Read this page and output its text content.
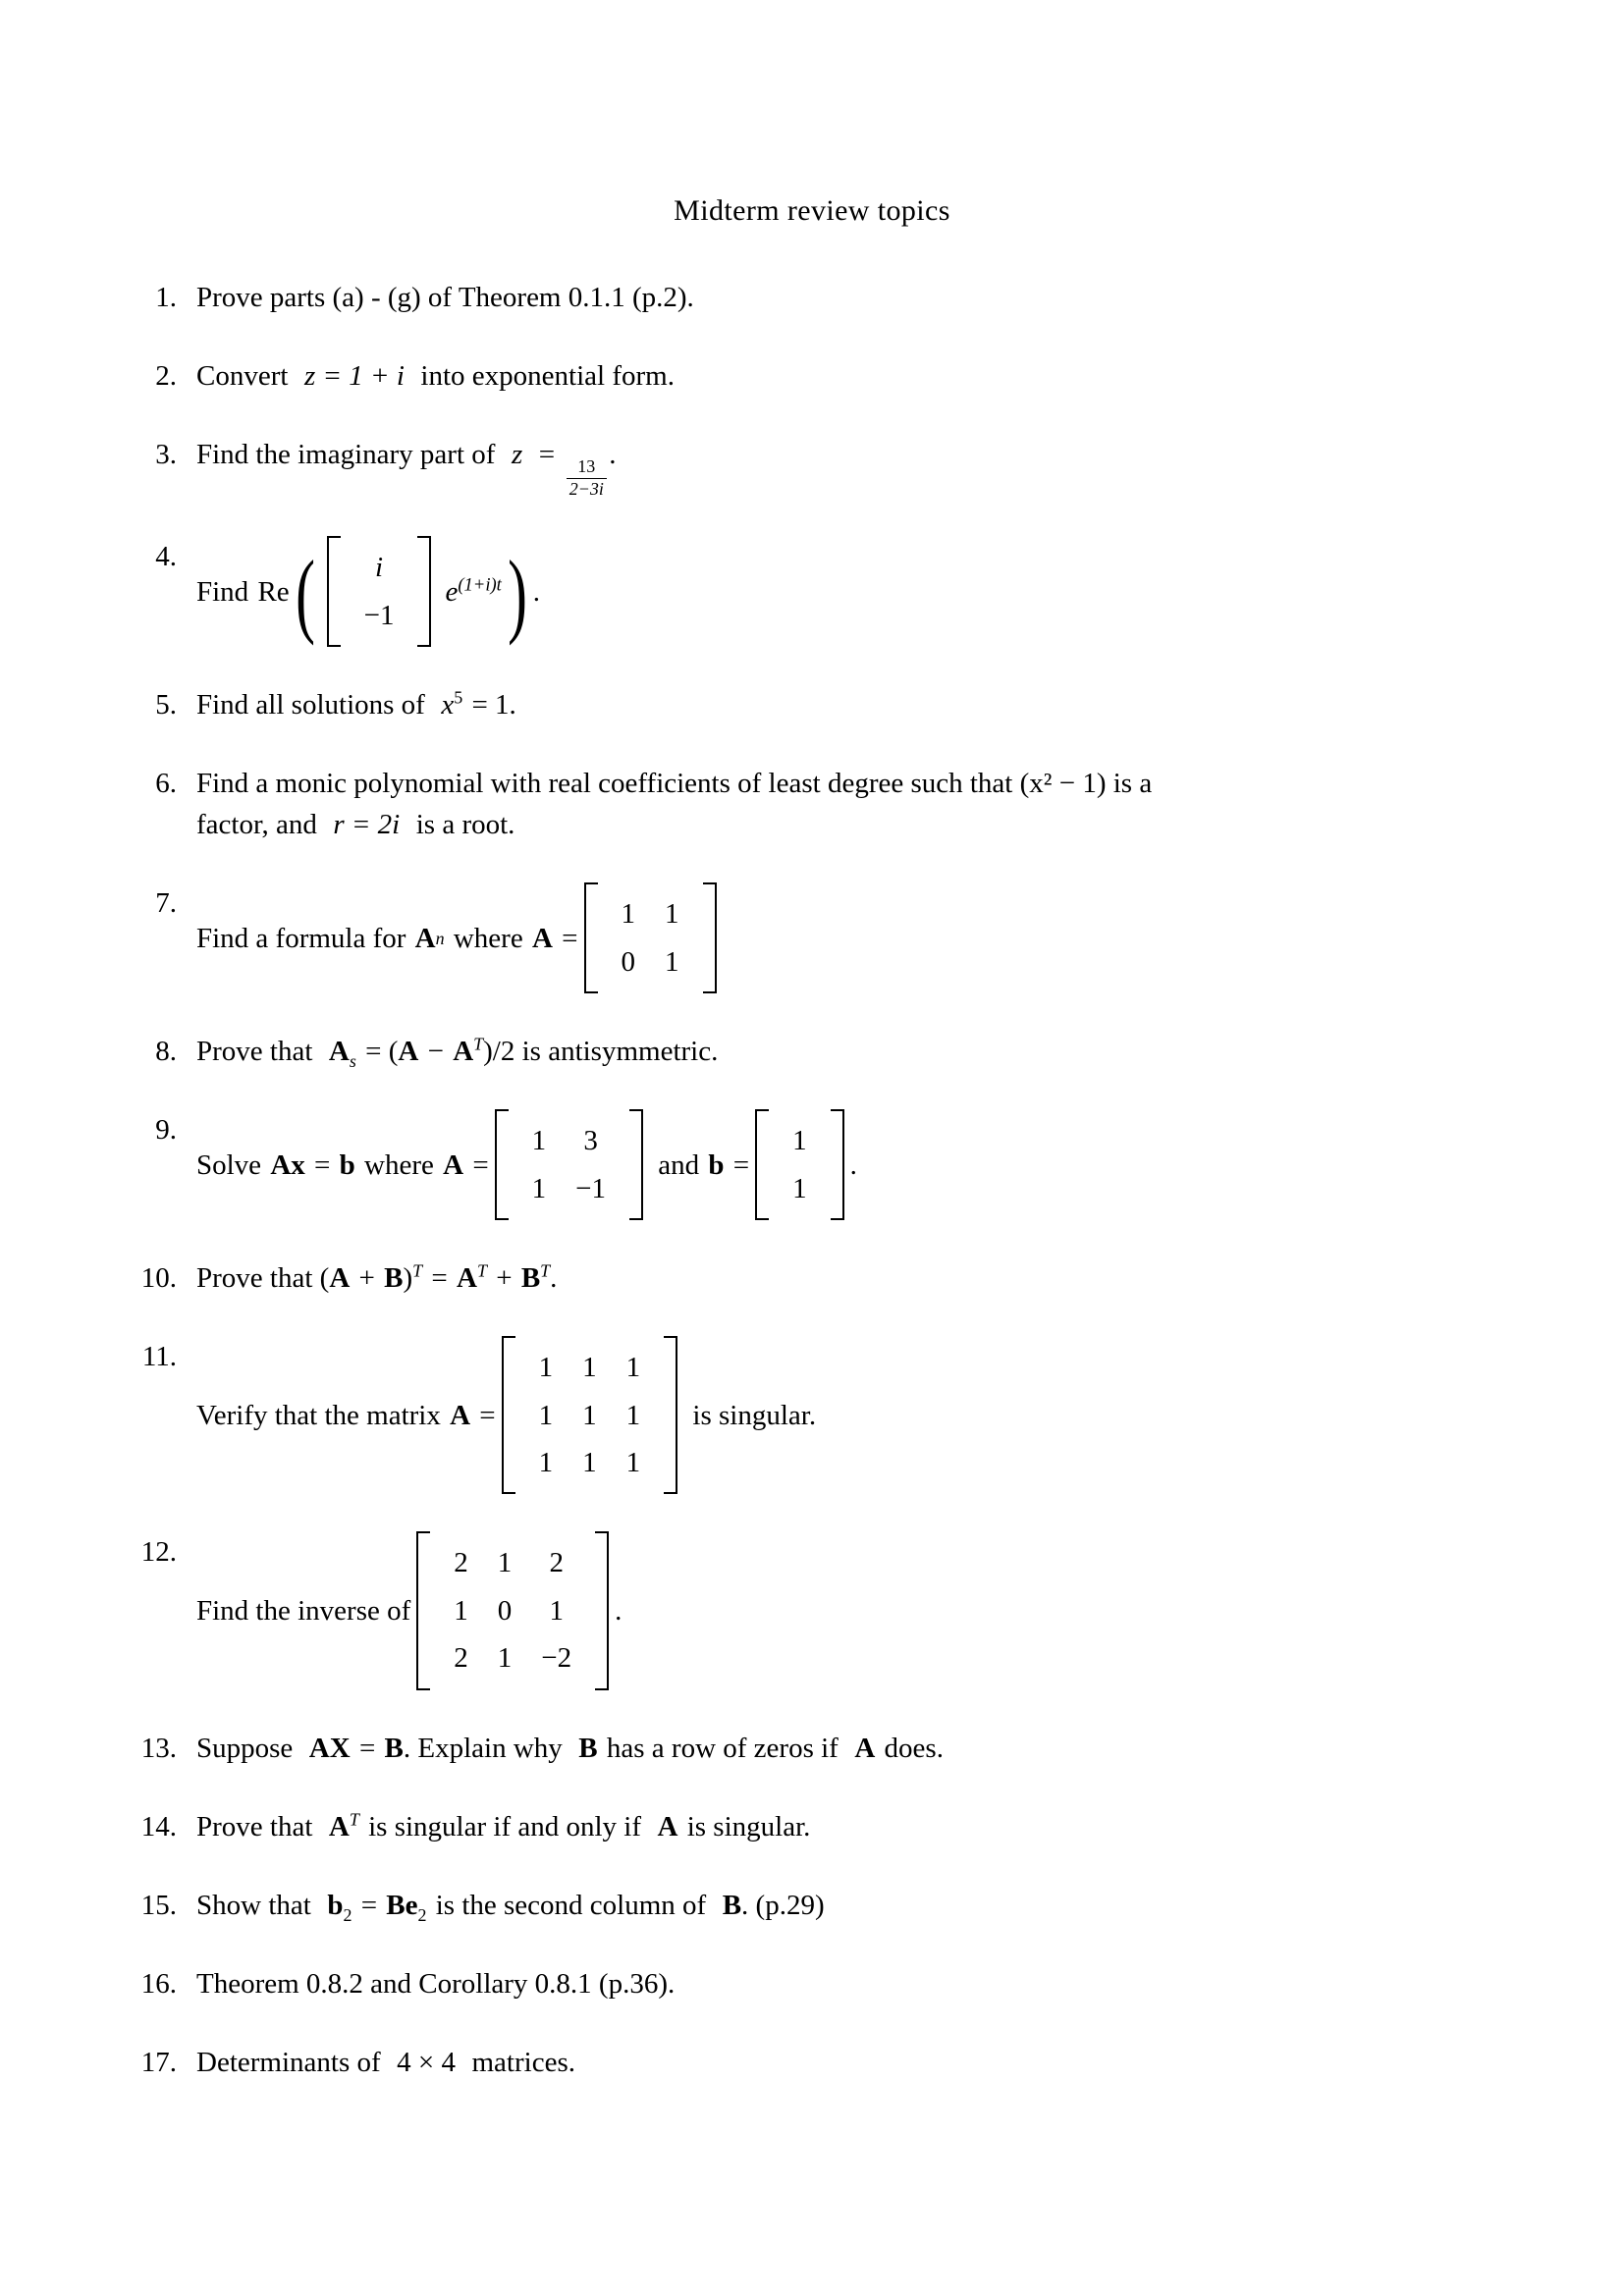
Midterm review topics
1. Prove parts (a) - (g) of Theorem 0.1.1 (p.2).
2. Convert z = 1 + i into exponential form.
3. Find the imaginary part of z =
$\frac{13}{2-3i}$
.
4.
Find Re (	i
−1
$e^{(1+i)t}$ ) .
5. Find all solutions of $x^5 = 1$.
6. Find a monic polynomial with real coefficients of least degree such that (x² − 1) is a
factor, and r = 2i is a root.
7.
Find a formula for A n where A =
1	1
0	1
8. Prove that $A_s = (A - A^T)/2$ is antisymmetric.
9.
Solve A x = b where A =
1	3
1	−1
and b =
1
1
.
10. Prove that $(A + B)^T = A^T + B^T$.
11.
Verify that the matrix A =
1	1	1
1	1	1
1	1	1
is singular.
12.
Find the inverse of
2	1	2
1	0	1
2	1	−2
.
13. Suppose AX = B. Explain why B has a row of zeros if A does.
14. Prove that $A^T$ is singular if and only if A is singular.
15. Show that $b_2 = Be_2$ is the second column of B. (p.29)
16. Theorem 0.8.2 and Corollary 0.8.1 (p.36).
17. Determinants of 4 × 4 matrices.
